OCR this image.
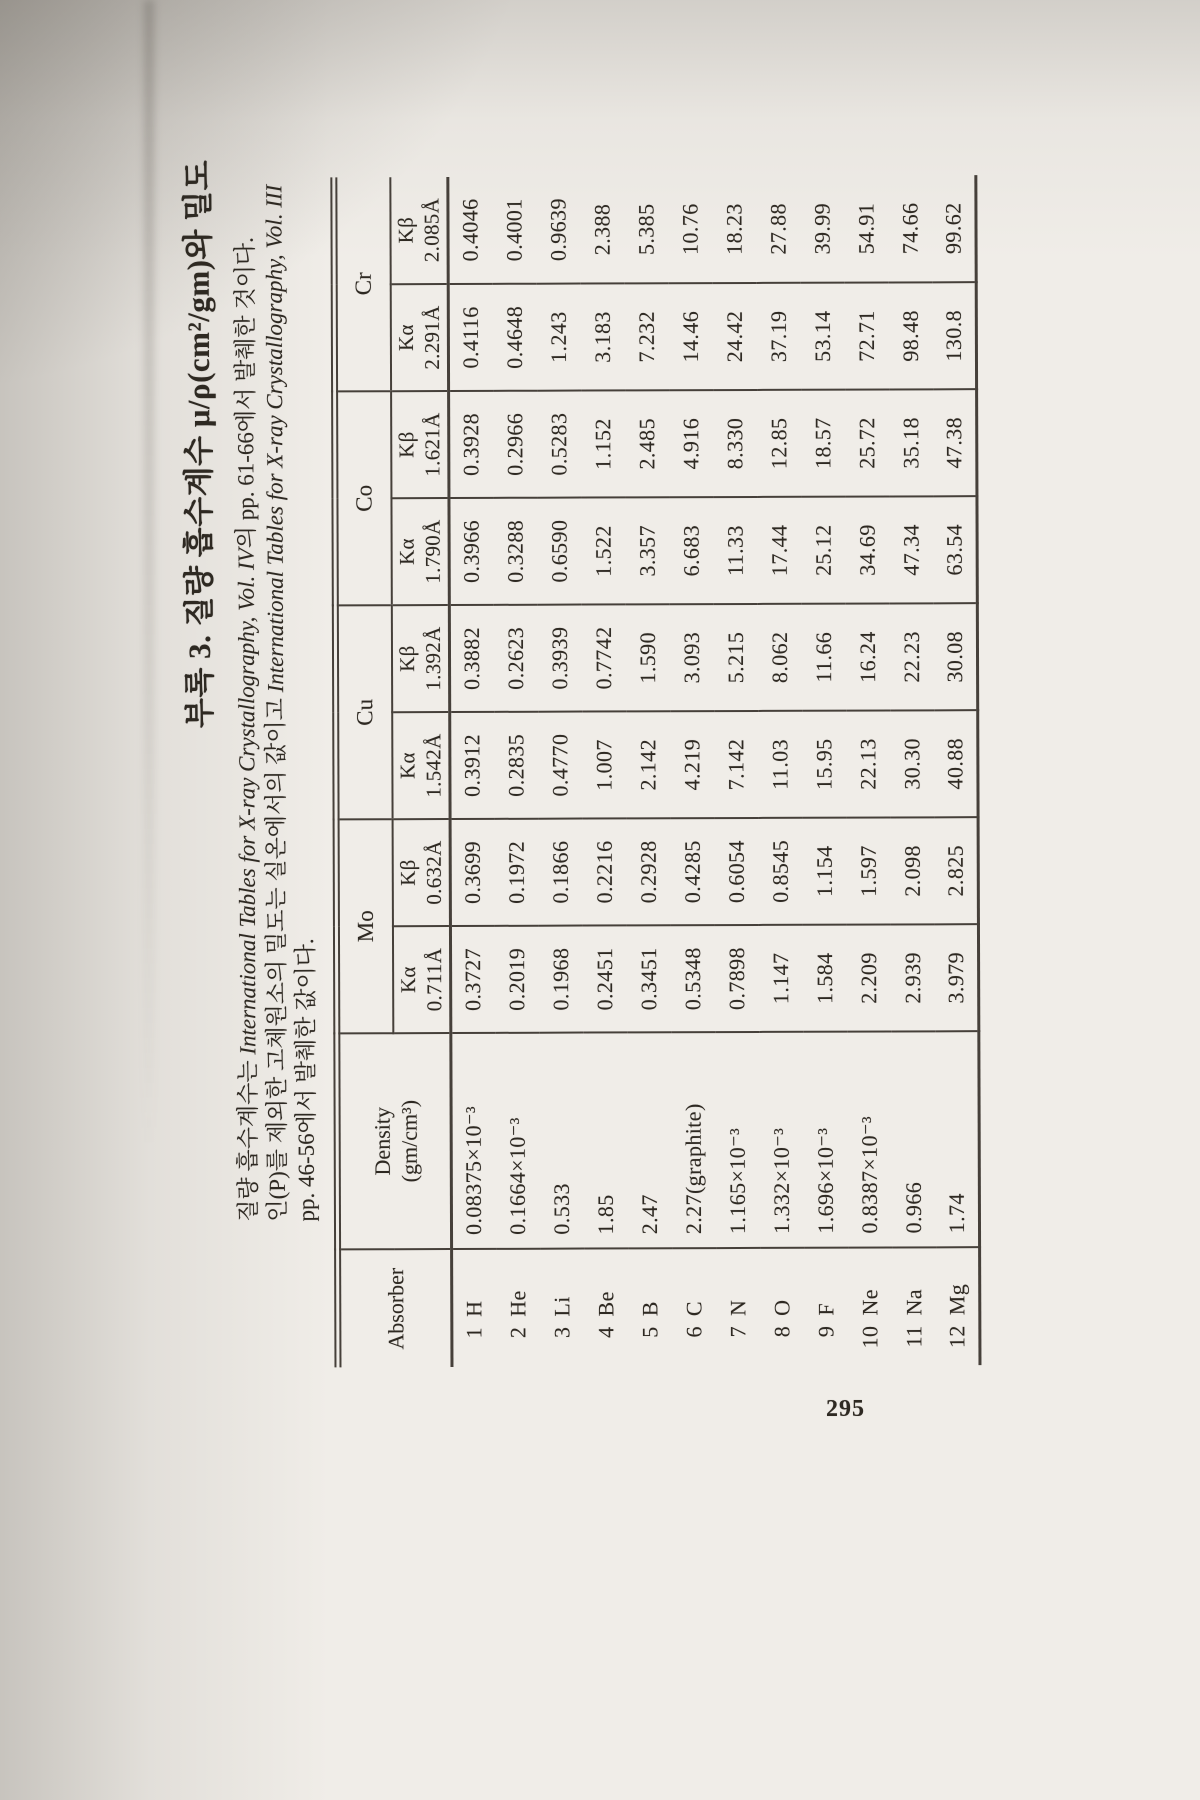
부록 3. 질량 흡수계수 μ/ρ(cm²/gm)와 밀도
질량 흡수계수는 International Tables for X-ray Crystallography, Vol. IV의 pp. 61-66에서 발췌한 것이다.
인(P)를 제외한 고체원소의 밀도는 실온에서의 값이고 International Tables for X-ray Crystallography, Vol. III
pp. 46-56에서 발췌한 값이다.
Absorber	Density (gm/cm³)	Mo		Cu		Co		Cr	

		Kα 0.711Å	Kβ 0.632Å	Kα 1.542Å	Kβ 1.392Å	Kα 1.790Å	Kβ 1.621Å	Kα 2.291Å	Kβ 2.085Å

1H	0.08375×10⁻³	0.3727	0.3699	0.3912	0.3882	0.3966	0.3928	0.4116	0.4046
2He	0.1664×10⁻³	0.2019	0.1972	0.2835	0.2623	0.3288	0.2966	0.4648	0.4001
3Li	0.533	0.1968	0.1866	0.4770	0.3939	0.6590	0.5283	1.243	0.9639
4Be	1.85	0.2451	0.2216	1.007	0.7742	1.522	1.152	3.183	2.388
5B	2.47	0.3451	0.2928	2.142	1.590	3.357	2.485	7.232	5.385
6C	2.27(graphite)	0.5348	0.4285	4.219	3.093	6.683	4.916	14.46	10.76
7N	1.165×10⁻³	0.7898	0.6054	7.142	5.215	11.33	8.330	24.42	18.23
8O	1.332×10⁻³	1.147	0.8545	11.03	8.062	17.44	12.85	37.19	27.88
9F	1.696×10⁻³	1.584	1.154	15.95	11.66	25.12	18.57	53.14	39.99
10Ne	0.8387×10⁻³	2.209	1.597	22.13	16.24	34.69	25.72	72.71	54.91
11Na	0.966	2.939	2.098	30.30	22.23	47.34	35.18	98.48	74.66
12Mg	1.74	3.979	2.825	40.88	30.08	63.54	47.38	130.8	99.62
295
